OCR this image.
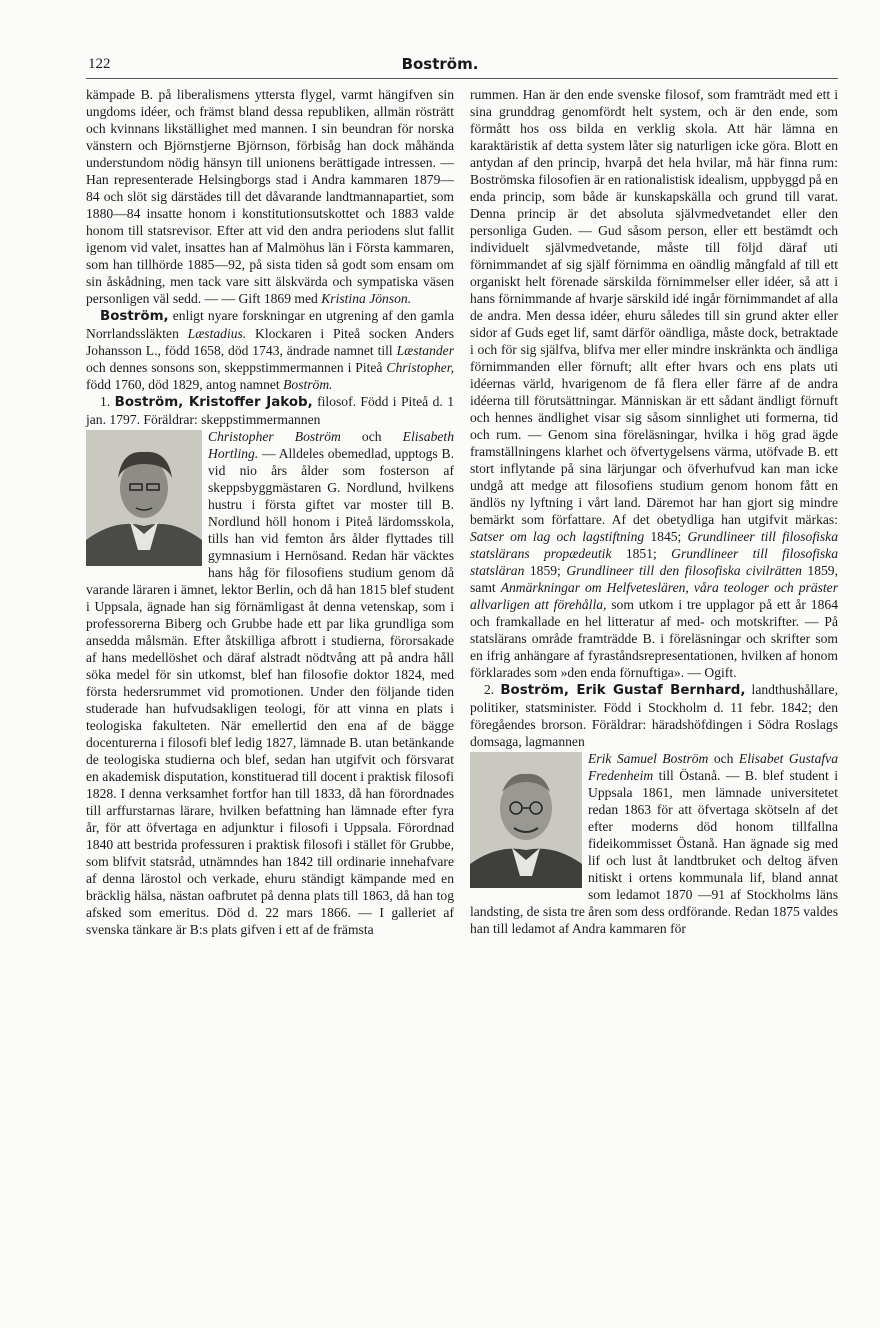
122	Boström.

kämpade B. på liberalismens yttersta flygel, varmt hängifven sin ungdoms idéer, och främst bland dessa republiken, allmän rösträtt och kvinnans likställighet med mannen. I sin beundran för norska vänstern och Björnstjerne Björnson, förbisåg han dock måhända understundom nödig hänsyn till unionens berättigade intressen. — Han representerade Helsingborgs stad i Andra kammaren 1879—84 och slöt sig därstädes till det dåvarande landtmannapartiet, som 1880—84 insatte honom i konstitutionsutskottet och 1883 valde honom till statsrevisor. Efter att vid den andra periodens slut fallit igenom vid valet, insattes han af Malmöhus län i Första kammaren, som han tillhörde 1885—92, på sista tiden så godt som ensam om sin åskådning, men tack vare sitt älskvärda och sympatiska väsen personligen väl sedd. — — Gift 1869 med Kristina Jönson.

Boström, enligt nyare forskningar en utgrening af den gamla Norrlandssläkten Læstadius. Klockaren i Piteå socken Anders Johansson L., född 1658, död 1743, ändrade namnet till Læstander och dennes sonsons son, skeppstimmermannen i Piteå Christopher, född 1760, död 1829, antog namnet Boström.

1. Boström, Kristoffer Jakob, filosof. Född i Piteå d. 1 jan. 1797. Föräldrar: skeppstimmermannen

Christopher Boström och Elisabeth Hortling. — Alldeles obemedlad, upptogs B. vid nio års ålder som fosterson af skeppsbyggmästaren G. Nordlund, hvilkens hustru i första giftet var moster till B. Nordlund höll honom i Piteå lärdomsskola, tills han vid femton års ålder flyttades till gymnasium i Hernösand. Redan här väcktes hans håg för filosofiens studium genom då varande läraren i ämnet, lektor Berlin, och då han 1815 blef student i Uppsala, ägnade han sig förnämligast åt denna vetenskap, som i professorerna Biberg och Grubbe hade ett par lika grundliga som ansedda målsmän. Efter åtskilliga afbrott i studierna, förorsakade af hans medellöshet och däraf alstradt nödtvång att på andra håll söka medel för sin utkomst, blef han filosofie doktor 1824, med första hedersrummet vid promotionen. Under den följande tiden studerade han hufvudsakligen teologi, för att vinna en plats i teologiska fakulteten. När emellertid den ena af de bägge docenturerna i filosofi blef ledig 1827, lämnade B. utan betänkande de teologiska studierna och blef, sedan han utgifvit och försvarat en akademisk disputation, konstituerad till docent i praktisk filosofi 1828. I denna verksamhet fortfor han till 1833, då han förordnades till arffurstarnas lärare, hvilken befattning han lämnade efter fyra år, för att öfvertaga en adjunktur i filosofi i Uppsala. Förordnad 1840 att bestrida professuren i praktisk filosofi i stället för Grubbe, som blifvit statsråd, utnämndes han 1842 till ordinarie innehafvare af denna lärostol och verkade, ehuru ständigt kämpande med en bräcklig hälsa, nästan oafbrutet på denna plats till 1863, då han tog afsked som emeritus. Död d. 22 mars 1866. — I galleriet af svenska tänkare är B:s plats gifven i ett af de främsta

rummen. Han är den ende svenske filosof, som framträdt med ett i sina grunddrag genomfördt helt system, och är den ende, som förmått hos oss bilda en verklig skola. Att här lämna en karaktäristik af detta system låter sig naturligen icke göra. Blott en antydan af den princip, hvarpå det hela hvilar, må här finna rum: Boströmska filosofien är en rationalistisk idealism, uppbyggd på en enda princip, som både är kunskapskälla och grund till varat. Denna princip är det absoluta självmedvetandet eller den personliga Guden. — Gud såsom person, eller ett bestämdt och individuelt självmedvetande, måste till följd däraf uti förnimmandet af sig själf förnimma en oändlig mångfald af till ett organiskt helt förenade särskilda förnimmelser eller idéer, så att i hans förnimmande af hvarje särskild idé ingår förnimmandet af alla de andra. Men dessa idéer, ehuru således till sin grund akter eller sidor af Guds eget lif, samt därför oändliga, måste dock, betraktade i och för sig själfva, blifva mer eller mindre inskränkta och ändliga förnimmanden eller förnuft; allt efter hvars och ens plats uti idéernas värld, hvarigenom de få flera eller färre af de andra idéerna till förutsättningar. Människan är ett sådant ändligt förnuft och hennes ändlighet visar sig såsom sinnlighet uti formerna, tid och rum. — Genom sina föreläsningar, hvilka i hög grad ägde framställningens klarhet och öfvertygelsens värma, utöfvade B. ett stort inflytande på sina lärjungar och öfverhufvud kan man icke undgå att medge att filosofiens studium genom honom fått en ändlös ny lyftning i vårt land. Däremot har han gjort sig mindre bemärkt som författare. Af det obetydliga han utgifvit märkas: Satser om lag och lagstiftning 1845; Grundlineer till filosofiska statslärans propædeutik 1851; Grundlineer till filosofiska statsläran 1859; Grundlineer till den filosofiska civilrätten 1859, samt Anmärkningar om Helfveteslären, våra teologer och präster allvarligen att förehålla, som utkom i tre upplagor på ett år 1864 och framkallade en hel litteratur af med- och motskrifter. — På statslärans område framträdde B. i föreläsningar och skrifter som en ifrig anhängare af fyraståndsrepresentationen, hvilken af honom förklarades som »den enda förnuftiga». — Ogift.

2. Boström, Erik Gustaf Bernhard, landthushållare, politiker, statsminister. Född i Stockholm d. 11 febr. 1842; den föregåendes brorson. Föräldrar: häradshöfdingen i Södra Roslags domsaga, lagmannen

Erik Samuel Boström och Elisabet Gustafva Fredenheim till Östanå. — B. blef student i Uppsala 1861, men lämnade universitetet redan 1863 för att öfvertaga skötseln af det efter moderns död honom tillfallna fideikommisset Östanå. Han ägnade sig med lif och lust åt landtbruket och deltog äfven nitiskt i ortens kommunala lif, bland annat som ledamot 1870 —91 af Stockholms läns landsting, de sista tre åren som dess ordförande. Redan 1875 valdes han till ledamot af Andra kammaren för
